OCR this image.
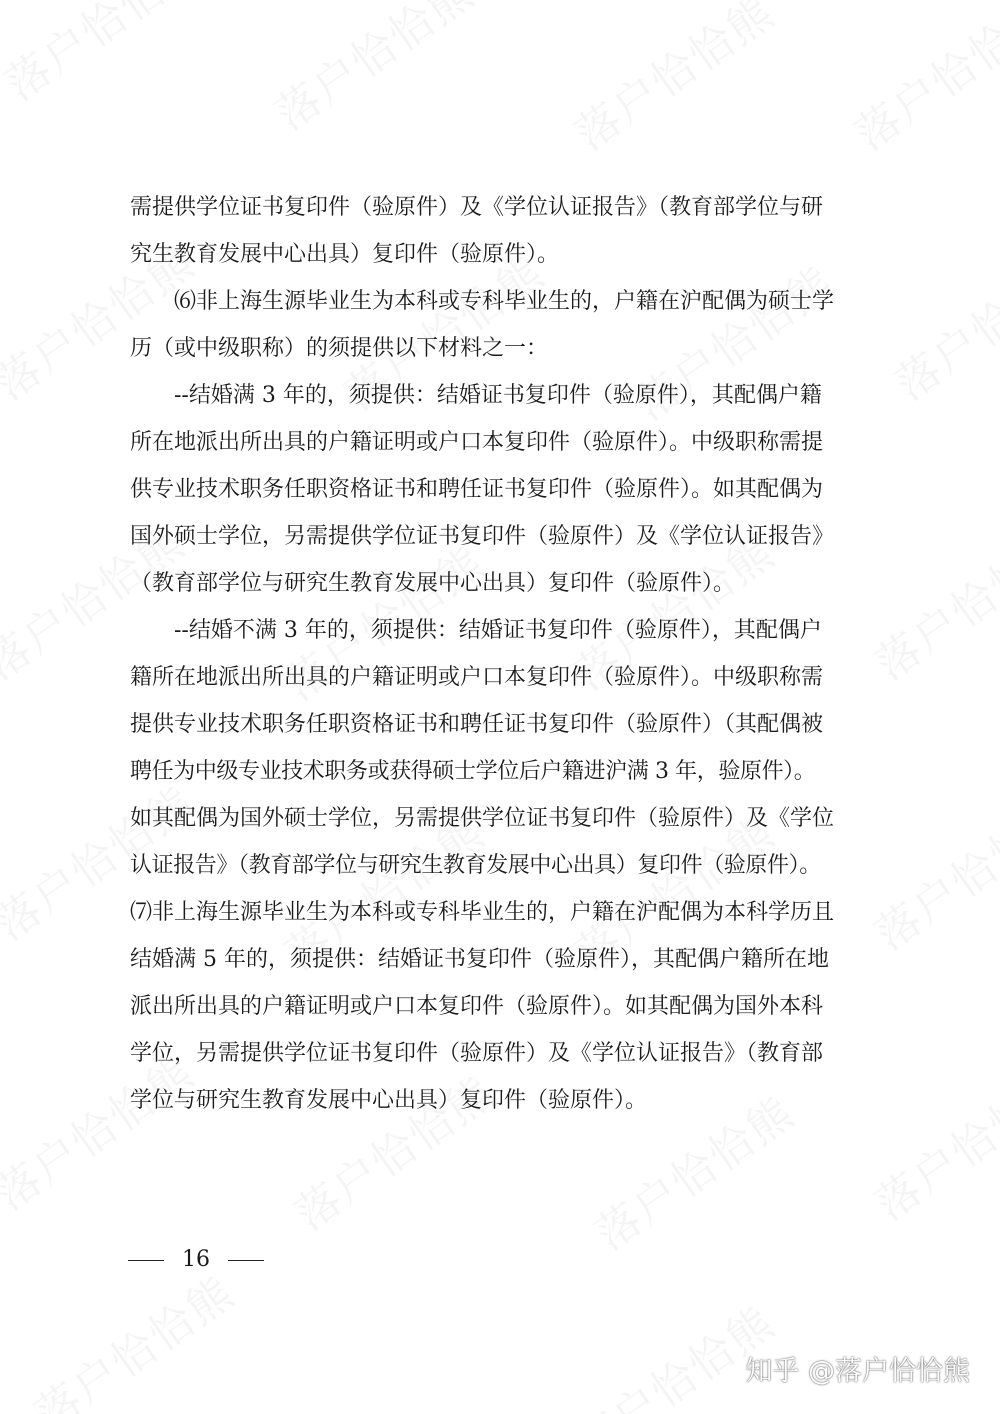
需提供学位证书复印件（验原件）及《学位认证报告》（教育部学位与研
究生教育发展中心出具）复印件（验原件）。
⑹非上海生源毕业生为本科或专科毕业生的，户籍在沪配偶为硕士学
历（或中级职称）的须提供以下材料之一：
--结婚满 3 年的，须提供：结婚证书复印件（验原件），其配偶户籍
所在地派出所出具的户籍证明或户口本复印件（验原件）。中级职称需提
供专业技术职务任职资格证书和聘任证书复印件（验原件）。如其配偶为
国外硕士学位，另需提供学位证书复印件（验原件）及《学位认证报告》
（教育部学位与研究生教育发展中心出具）复印件（验原件）。
--结婚不满 3 年的，须提供：结婚证书复印件（验原件），其配偶户
籍所在地派出所出具的户籍证明或户口本复印件（验原件）。中级职称需
提供专业技术职务任职资格证书和聘任证书复印件（验原件）（其配偶被
聘任为中级专业技术职务或获得硕士学位后户籍进沪满 3 年，验原件）。
如其配偶为国外硕士学位，另需提供学位证书复印件（验原件）及《学位
认证报告》（教育部学位与研究生教育发展中心出具）复印件（验原件）。
⑺非上海生源毕业生为本科或专科毕业生的，户籍在沪配偶为本科学历且
结婚满 5 年的，须提供：结婚证书复印件（验原件），其配偶户籍所在地
派出所出具的户籍证明或户口本复印件（验原件）。如其配偶为国外本科
学位，另需提供学位证书复印件（验原件）及《学位认证报告》（教育部
学位与研究生教育发展中心出具）复印件（验原件）。
16
知乎 @落户恰恰熊
